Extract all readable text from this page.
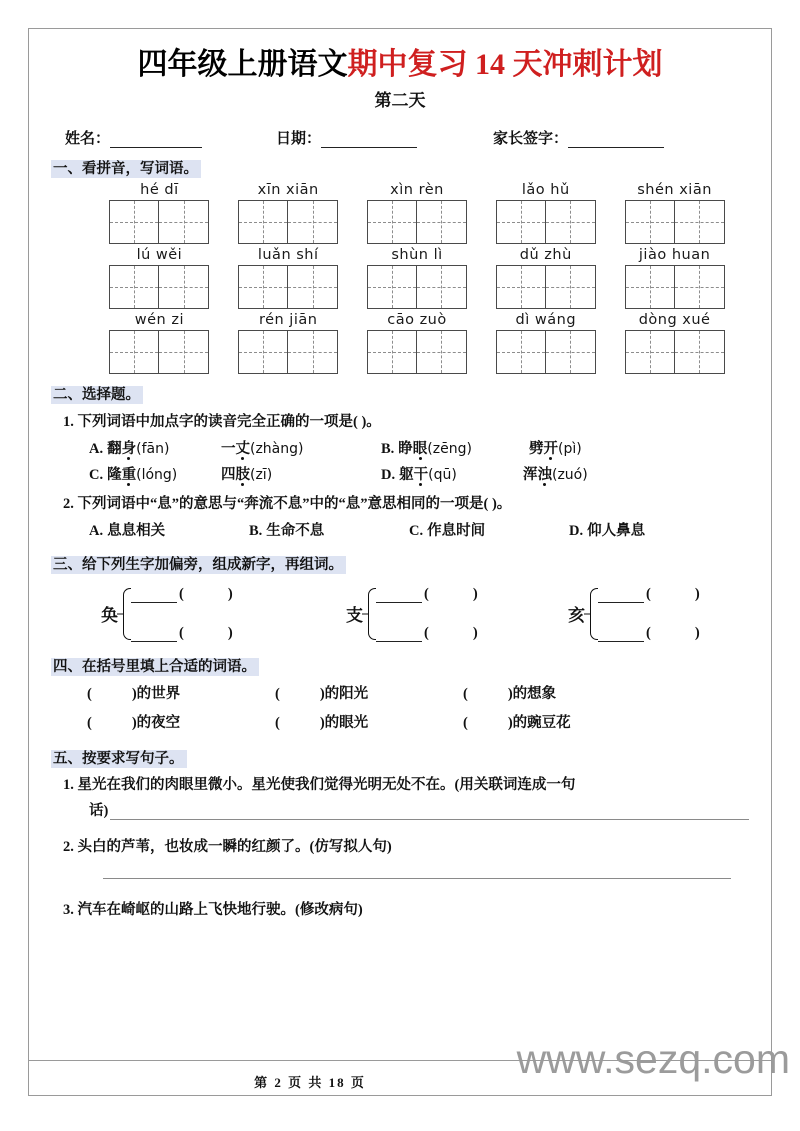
四年级上册语文期中复习 14 天冲刺计划
第二天
姓名：	日期：	家长签字：
一、看拼音，写词语。
hé dī	xīn xiān	xìn rèn	lǎo hǔ	shén xiān
lú wěi	luǎn shí	shùn lì	dǔ zhù	jiào huan
wén zi	rén jiān	cāo zuò	dì wáng	dòng xué
二、选择题。
1. 下列词语中加点字的读音完全正确的一项是( )。
A. 翻身(fān)	一丈(zhàng)	B. 睁眼(zēng)	劈开(pì)
C. 隆重(lóng)	四肢(zī)	D. 躯干(qū)	浑浊(zuó)
2. 下列词语中“息”的意思与“奔流不息”中的“息”意思相同的一项是( )。
A. 息息相关	B. 生命不息	C. 作息时间	D. 仰人鼻息
三、给下列生字加偏旁，组成新字，再组词。
奂
(	)
(	)
支
(	)
(	)
亥
(	)
(	)
四、在括号里填上合适的词语。
(	)的世界	(	)的阳光	(	)的想象
(	)的夜空	(	)的眼光	(	)的豌豆花
五、按要求写句子。
1. 星光在我们的肉眼里微小。星光使我们觉得光明无处不在。(用关联词连成一句
话)
2. 头白的芦苇，也妆成一瞬的红颜了。(仿写拟人句)
3. 汽车在崎岖的山路上飞快地行驶。(修改病句)
第 2 页 共 18 页
www.sezq.com
